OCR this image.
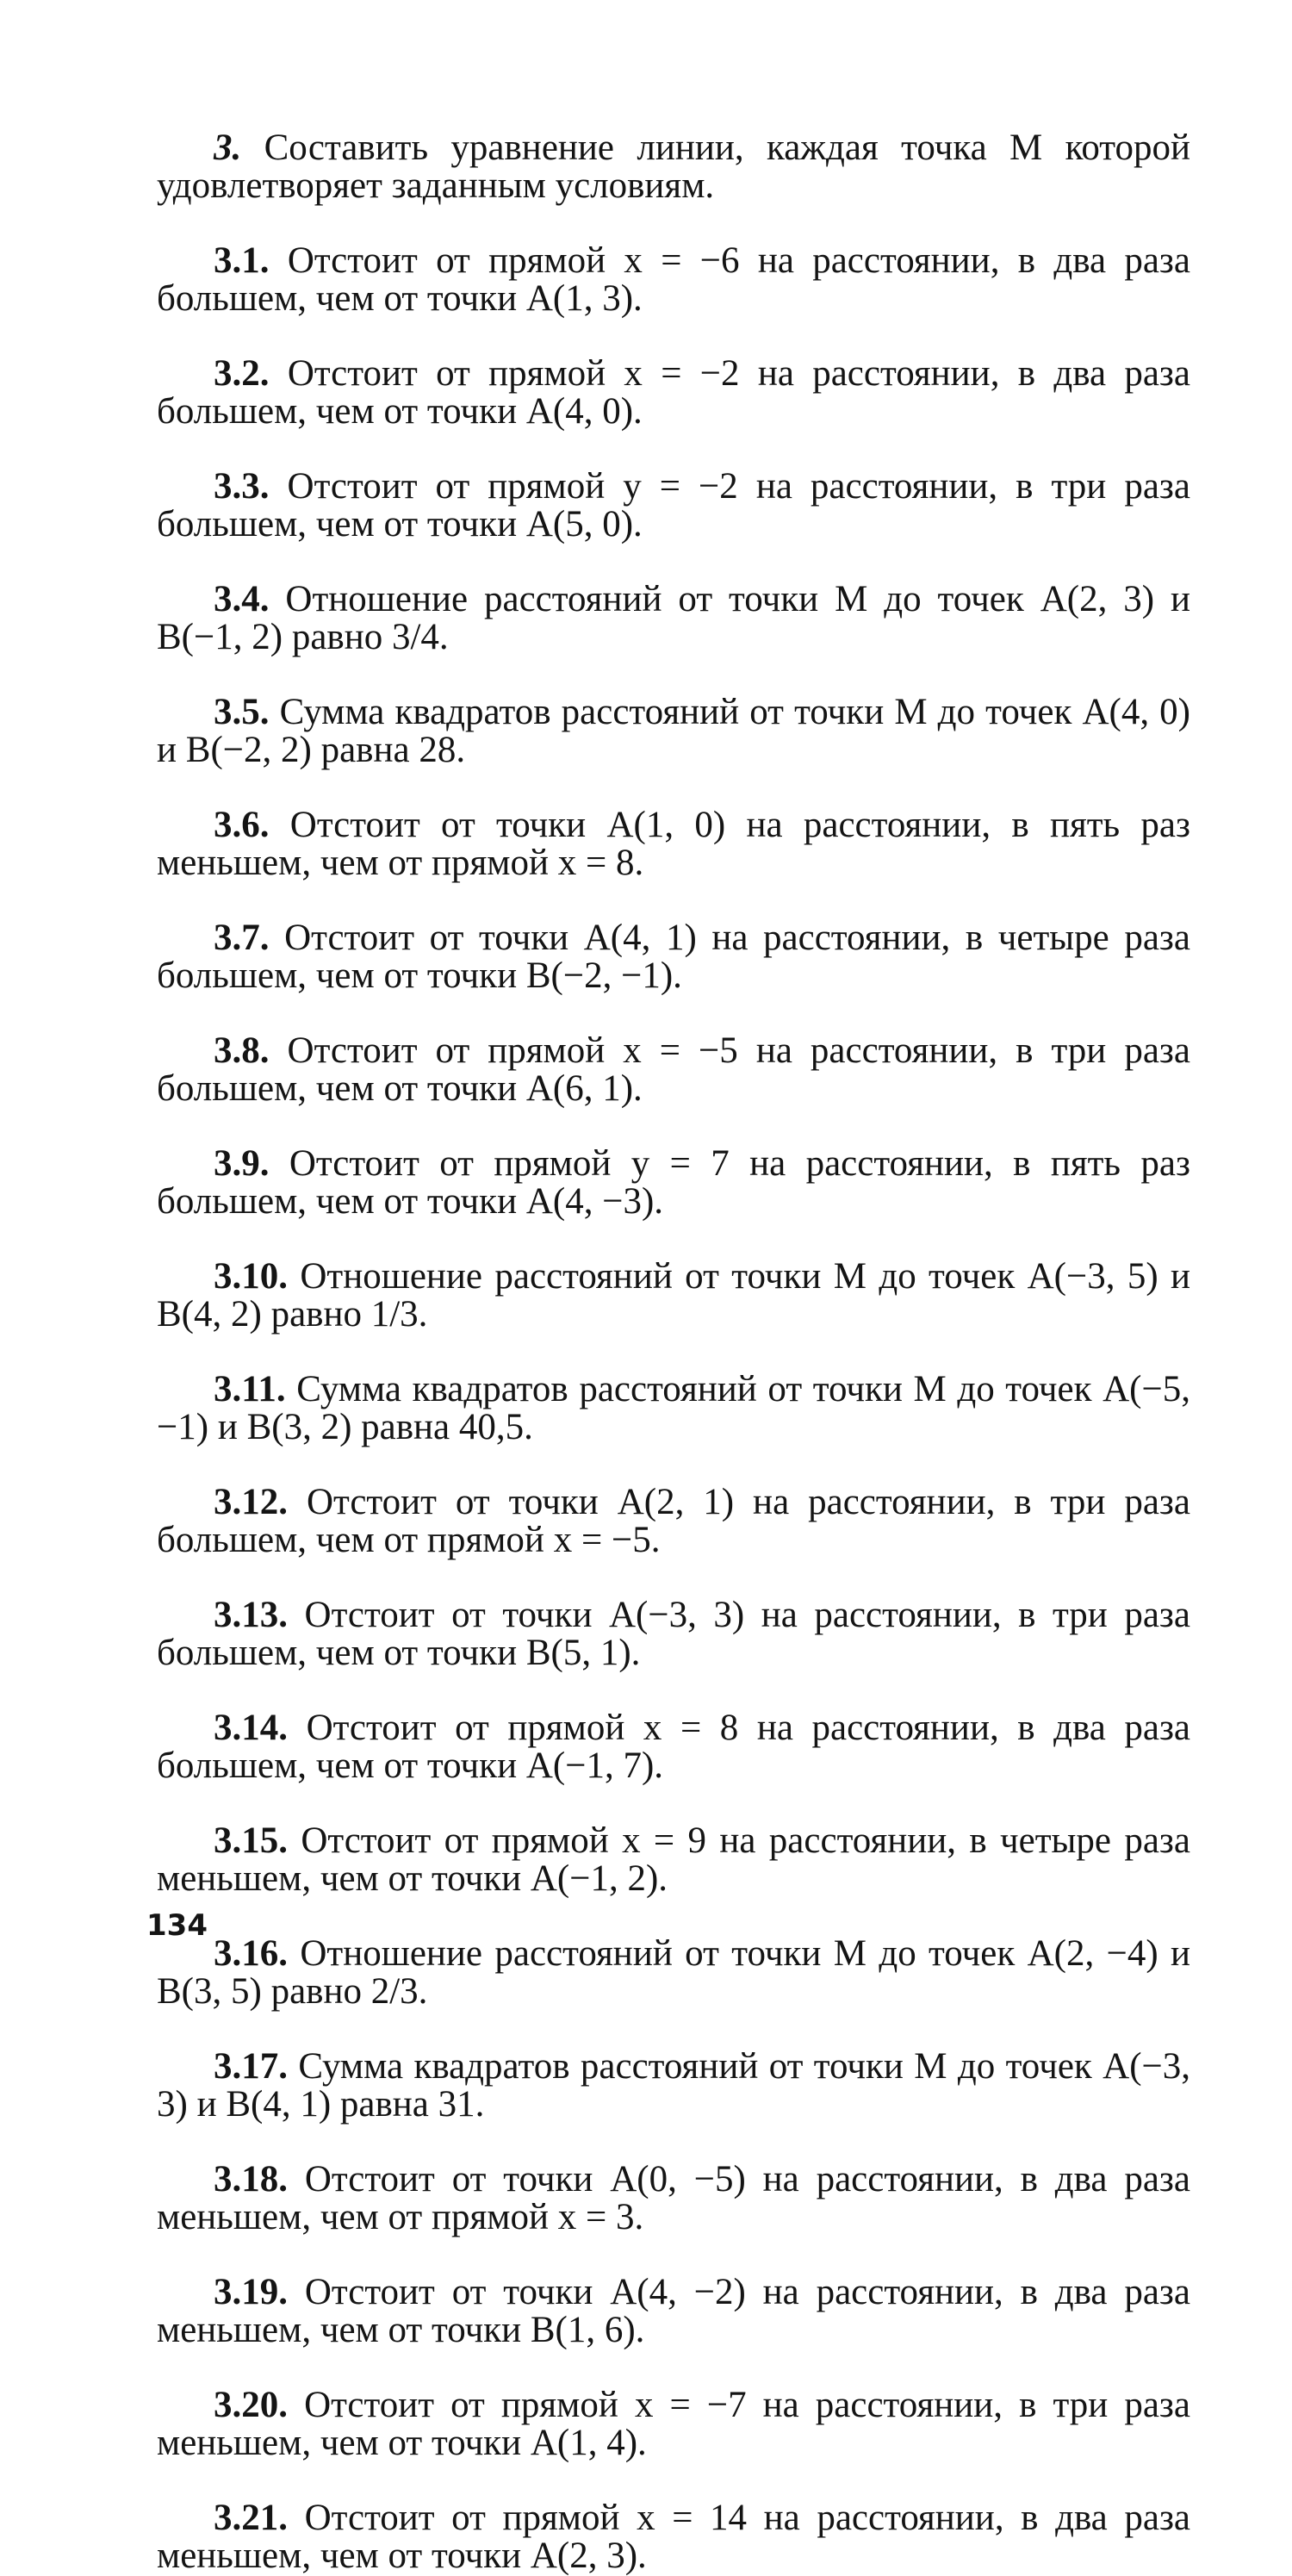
3. Составить уравнение линии, каждая точка M которой удовлетворяет заданным условиям.

3.1. Отстоит от прямой x = −6 на расстоянии, в два раза большем, чем от точки A(1, 3).

3.2. Отстоит от прямой x = −2 на расстоянии, в два раза большем, чем от точки A(4, 0).

3.3. Отстоит от прямой y = −2 на расстоянии, в три раза большем, чем от точки A(5, 0).

3.4. Отношение расстояний от точки M до точек A(2, 3) и B(−1, 2) равно 3/4.

3.5. Сумма квадратов расстояний от точки M до точек A(4, 0) и B(−2, 2) равна 28.

3.6. Отстоит от точки A(1, 0) на расстоянии, в пять раз меньшем, чем от прямой x = 8.

3.7. Отстоит от точки A(4, 1) на расстоянии, в четыре раза большем, чем от точки B(−2, −1).

3.8. Отстоит от прямой x = −5 на расстоянии, в три раза большем, чем от точки A(6, 1).

3.9. Отстоит от прямой y = 7 на расстоянии, в пять раз большем, чем от точки A(4, −3).

3.10. Отношение расстояний от точки M до точек A(−3, 5) и B(4, 2) равно 1/3.

3.11. Сумма квадратов расстояний от точки M до точек A(−5, −1) и B(3, 2) равна 40,5.

3.12. Отстоит от точки A(2, 1) на расстоянии, в три раза большем, чем от прямой x = −5.

3.13. Отстоит от точки A(−3, 3) на расстоянии, в три раза большем, чем от точки B(5, 1).

3.14. Отстоит от прямой x = 8 на расстоянии, в два раза большем, чем от точки A(−1, 7).

3.15. Отстоит от прямой x = 9 на расстоянии, в четыре раза меньшем, чем от точки A(−1, 2).

3.16. Отношение расстояний от точки M до точек A(2, −4) и B(3, 5) равно 2/3.

3.17. Сумма квадратов расстояний от точки M до точек A(−3, 3) и B(4, 1) равна 31.

3.18. Отстоит от точки A(0, −5) на расстоянии, в два раза меньшем, чем от прямой x = 3.

3.19. Отстоит от точки A(4, −2) на расстоянии, в два раза меньшем, чем от точки B(1, 6).

3.20. Отстоит от прямой x = −7 на расстоянии, в три раза меньшем, чем от точки A(1, 4).

3.21. Отстоит от прямой x = 14 на расстоянии, в два раза меньшем, чем от точки A(2, 3).

134
